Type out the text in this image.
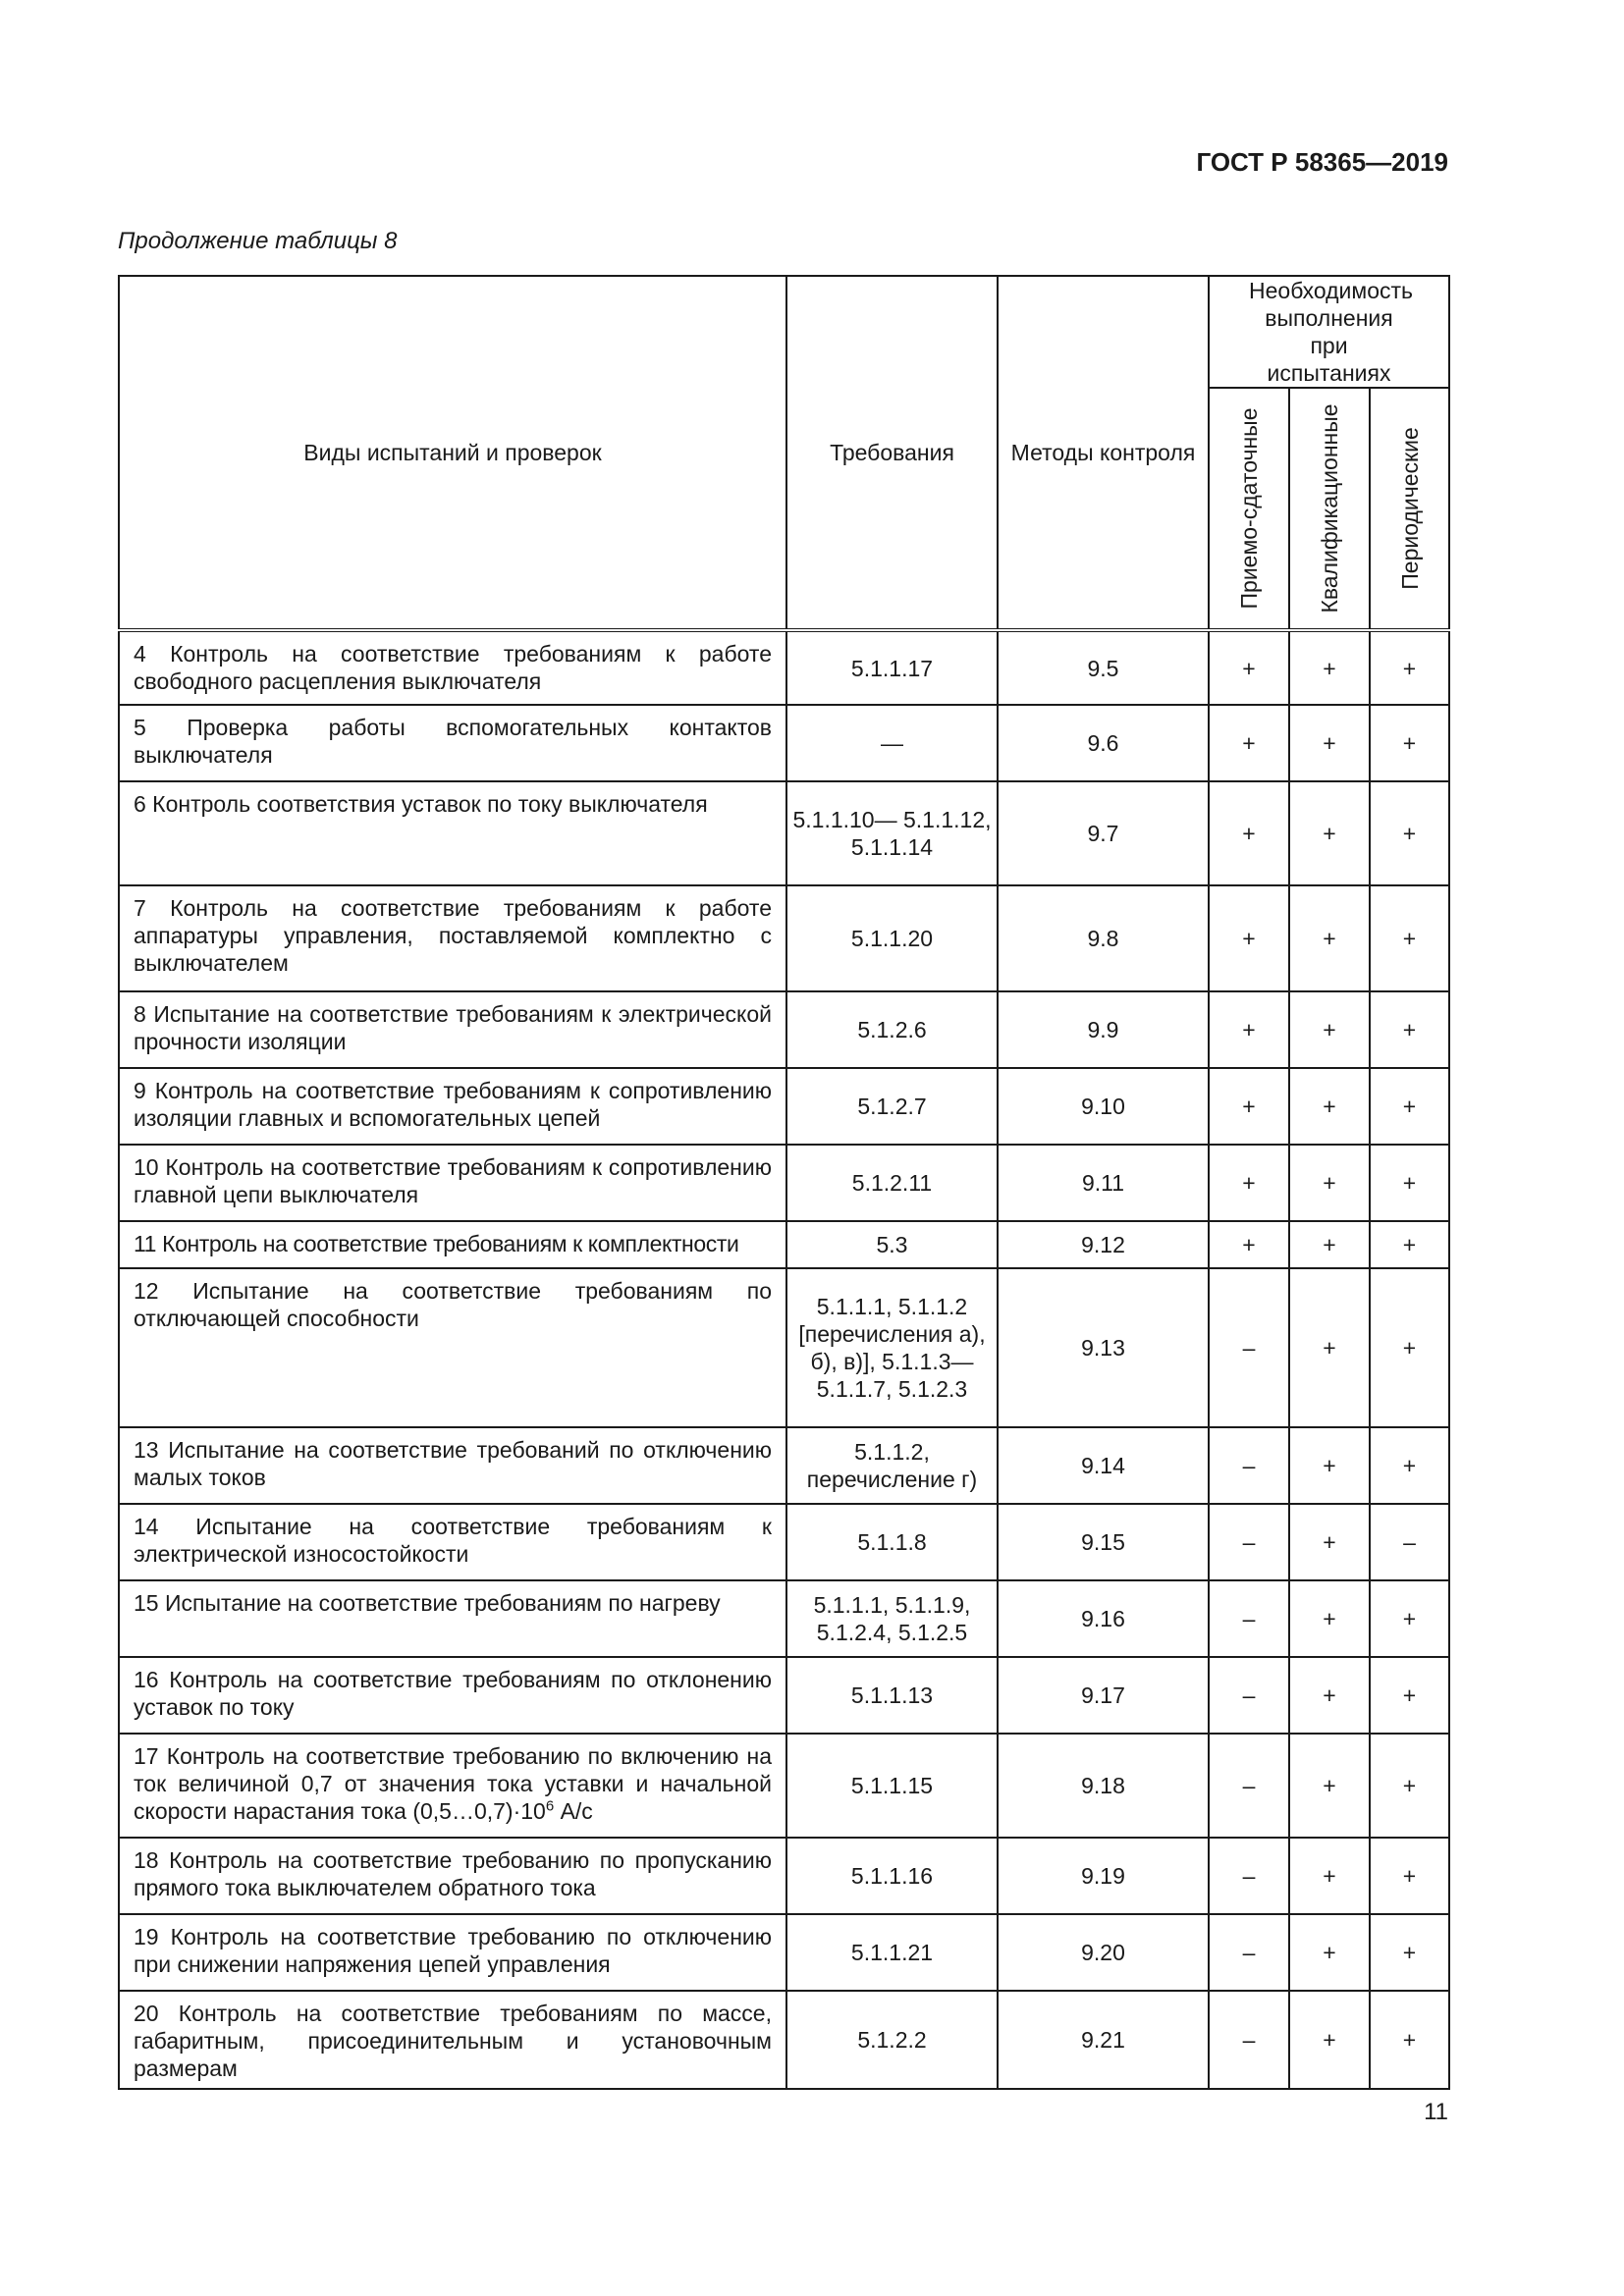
ГОСТ Р 58365—2019
Продолжение таблицы 8
Виды испытаний и проверок	Требования	Методы контроля	Необходимость выполнения при испытаниях		

			Приемо-сдаточные	Квалификационные	Периодические

4 Контроль на соответствие требованиям к работе свободного расцепления выключателя	5.1.1.17	9.5	+	+	+
5 Проверка работы вспомогательных контактов выключателя	—	9.6	+	+	+
6 Контроль соответствия уставок по току выключателя	5.1.1.10— 5.1.1.12, 5.1.1.14	9.7	+	+	+
7 Контроль на соответствие требованиям к работе аппаратуры управления, поставляемой комплектно с выключателем	5.1.1.20	9.8	+	+	+
8 Испытание на соответствие требованиям к электрической прочности изоляции	5.1.2.6	9.9	+	+	+
9 Контроль на соответствие требованиям к сопротивлению изоляции главных и вспомогательных цепей	5.1.2.7	9.10	+	+	+
10 Контроль на соответствие требованиям к сопротивлению главной цепи выключателя	5.1.2.11	9.11	+	+	+
11 Контроль на соответствие требованиям к комплектности	5.3	9.12	+	+	+
12 Испытание на соответствие требованиям по отключающей способности	5.1.1.1, 5.1.1.2 [перечисления а), б), в)], 5.1.1.3— 5.1.1.7, 5.1.2.3	9.13	–	+	+
13 Испытание на соответствие требований по отключению малых токов	5.1.1.2, перечисление г)	9.14	–	+	+
14 Испытание на соответствие требованиям к электрической износостойкости	5.1.1.8	9.15	–	+	–
15 Испытание на соответствие требованиям по нагреву	5.1.1.1, 5.1.1.9, 5.1.2.4, 5.1.2.5	9.16	–	+	+
16 Контроль на соответствие требованиям по отклонению уставок по току	5.1.1.13	9.17	–	+	+
17 Контроль на соответствие требованию по включению на ток величиной 0,7 от значения тока уставки и начальной скорости нарастания тока $(0,5\dots 0,7)\cdot 10^6$ А/с	5.1.1.15	9.18	–	+	+
18 Контроль на соответствие требованию по пропусканию прямого тока выключателем обратного тока	5.1.1.16	9.19	–	+	+
19 Контроль на соответствие требованию по отключению при снижении напряжения цепей управления	5.1.1.21	9.20	–	+	+
20 Контроль на соответствие требованиям по массе, габаритным, присоединительным и установочным размерам	5.1.2.2	9.21	–	+	+
11
